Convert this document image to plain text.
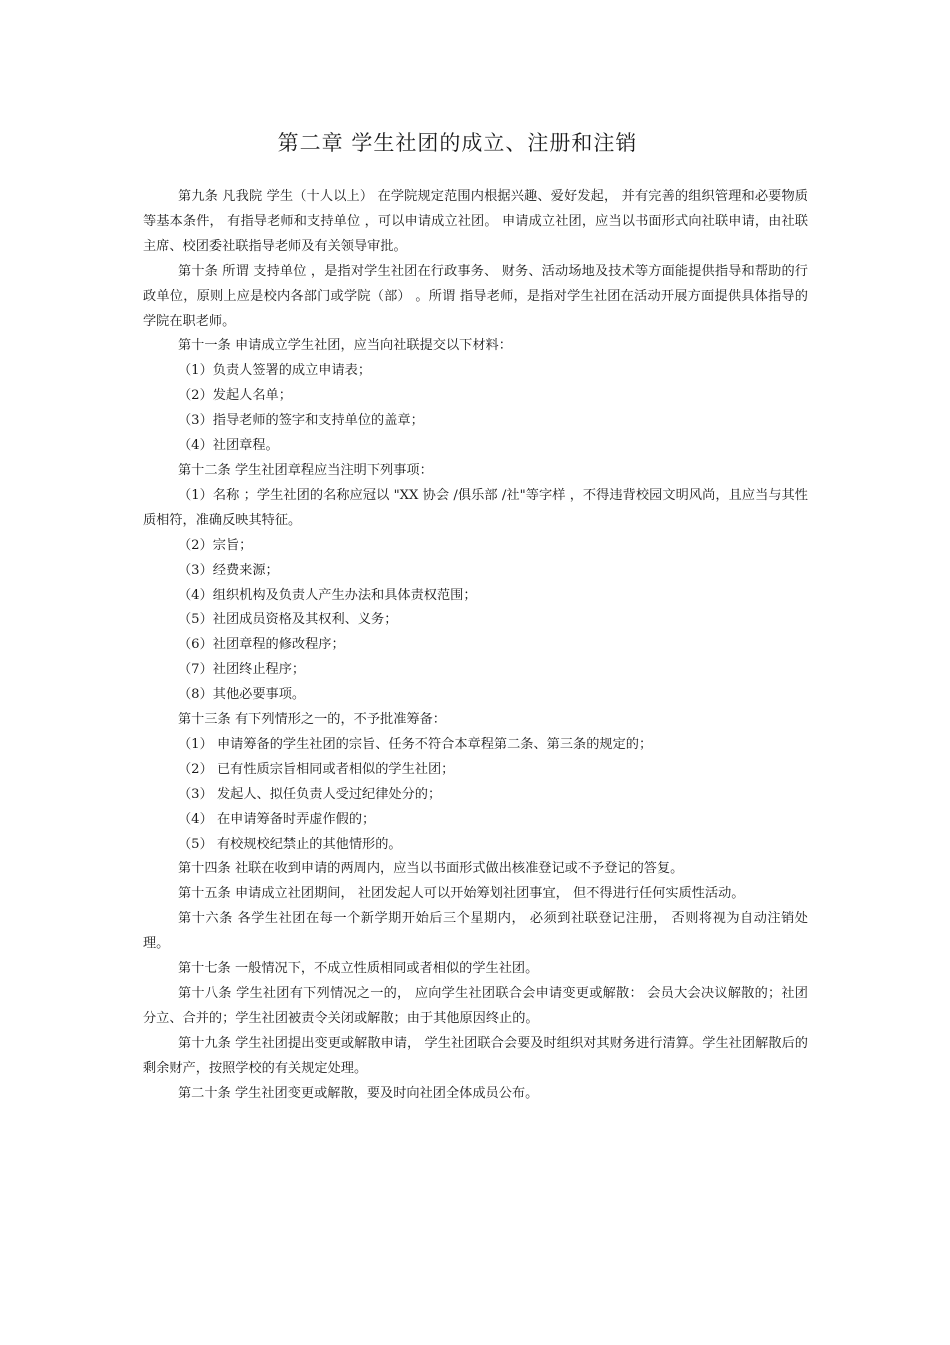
第二章 学生社团的成立、注册和注销

第九条 凡我院 学生（十人以上） 在学院规定范围内根据兴趣、爱好发起， 并有完善的组织管理和必要物质等基本条件， 有指导老师和支持单位 ，可以申请成立社团。 申请成立社团，应当以书面形式向社联申请，由社联主席、校团委社联指导老师及有关领导审批。

第十条 所谓 支持单位 ，是指对学生社团在行政事务、 财务、活动场地及技术等方面能提供指导和帮助的行政单位，原则上应是校内各部门或学院（部） 。所谓 指导老师，是指对学生社团在活动开展方面提供具体指导的学院在职老师。

第十一条 申请成立学生社团，应当向社联提交以下材料：

（1）负责人签署的成立申请表；

（2）发起人名单；

（3）指导老师的签字和支持单位的盖章；

（4）社团章程。

第十二条 学生社团章程应当注明下列事项：

（1）名称 ；学生社团的名称应冠以 "XX 协会 /俱乐部 /社"等字样 ，不得违背校园文明风尚，且应当与其性质相符，准确反映其特征。

（2）宗旨；

（3）经费来源；

（4）组织机构及负责人产生办法和具体责权范围；

（5）社团成员资格及其权利、义务；

（6）社团章程的修改程序；

（7）社团终止程序；

（8）其他必要事项。

第十三条 有下列情形之一的，不予批准筹备：

（1） 申请筹备的学生社团的宗旨、任务不符合本章程第二条、第三条的规定的；

（2） 已有性质宗旨相同或者相似的学生社团；

（3） 发起人、拟任负责人受过纪律处分的；

（4） 在申请筹备时弄虚作假的；

（5） 有校规校纪禁止的其他情形的。

第十四条 社联在收到申请的两周内，应当以书面形式做出核准登记或不予登记的答复。

第十五条 申请成立社团期间， 社团发起人可以开始筹划社团事宜， 但不得进行任何实质性活动。

第十六条 各学生社团在每一个新学期开始后三个星期内， 必须到社联登记注册， 否则将视为自动注销处理。

第十七条 一般情况下，不成立性质相同或者相似的学生社团。

第十八条 学生社团有下列情况之一的， 应向学生社团联合会申请变更或解散： 会员大会决议解散的；社团分立、合并的；学生社团被责令关闭或解散；由于其他原因终止的。

第十九条 学生社团提出变更或解散申请， 学生社团联合会要及时组织对其财务进行清算。学生社团解散后的剩余财产，按照学校的有关规定处理。

第二十条 学生社团变更或解散，要及时向社团全体成员公布。
